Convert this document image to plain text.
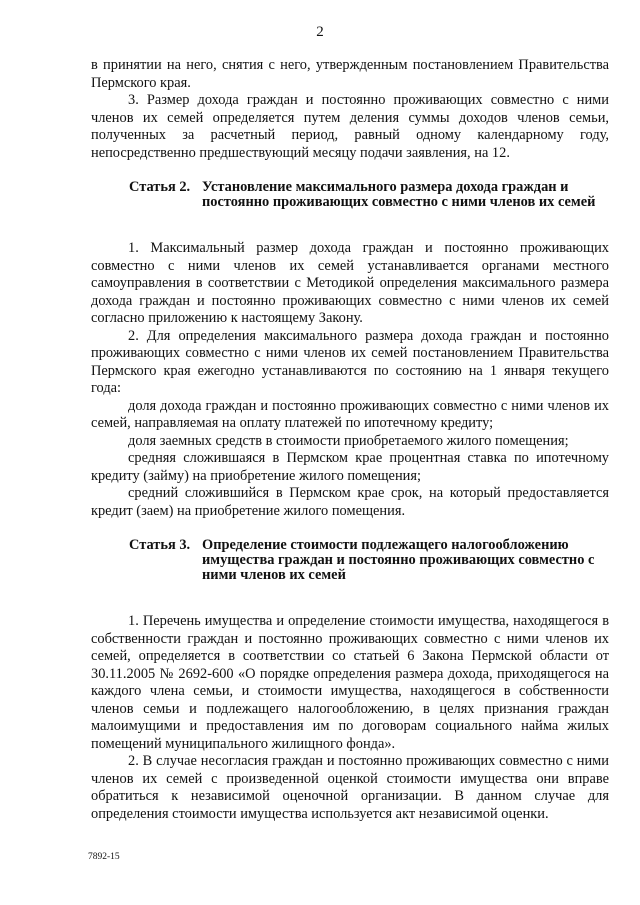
2

в принятии на него, снятия с него, утвержденным постановлением Правительства Пермского края.

3. Размер дохода граждан и постоянно проживающих совместно с ними членов их семей определяется путем деления суммы доходов членов семьи, полученных за расчетный период, равный одному календарному году, непосредственно предшествующий месяцу подачи заявления, на 12.

Статья 2. Установление максимального размера дохода граждан и постоянно проживающих совместно с ними членов их семей

1. Максимальный размер дохода граждан и постоянно проживающих совместно с ними членов их семей устанавливается органами местного самоуправления в соответствии с Методикой определения максимального размера дохода граждан и постоянно проживающих совместно с ними членов их семей согласно приложению к настоящему Закону.

2. Для определения максимального размера дохода граждан и постоянно проживающих совместно с ними членов их семей постановлением Правительства Пермского края ежегодно устанавливаются по состоянию на 1 января текущего года:

доля дохода граждан и постоянно проживающих совместно с ними членов их семей, направляемая на оплату платежей по ипотечному кредиту;

доля заемных средств в стоимости приобретаемого жилого помещения;

средняя сложившаяся в Пермском крае процентная ставка по ипотечному кредиту (займу) на приобретение жилого помещения;

средний сложившийся в Пермском крае срок, на который предоставляется кредит (заем) на приобретение жилого помещения.

Статья 3. Определение стоимости подлежащего налогообложению имущества граждан и постоянно проживающих совместно с ними членов их семей

1. Перечень имущества и определение стоимости имущества, находящегося в собственности граждан и постоянно проживающих совместно с ними членов их семей, определяется в соответствии со статьей 6 Закона Пермской области от 30.11.2005 № 2692-600 «О порядке определения размера дохода, приходящегося на каждого члена семьи, и стоимости имущества, находящегося в собственности членов семьи и подлежащего налогообложению, в целях признания граждан малоимущими и предоставления им по договорам социального найма жилых помещений муниципального жилищного фонда».

2. В случае несогласия граждан и постоянно проживающих совместно с ними членов их семей с произведенной оценкой стоимости имущества они вправе обратиться к независимой оценочной организации. В данном случае для определения стоимости имущества используется акт независимой оценки.

7892-15
